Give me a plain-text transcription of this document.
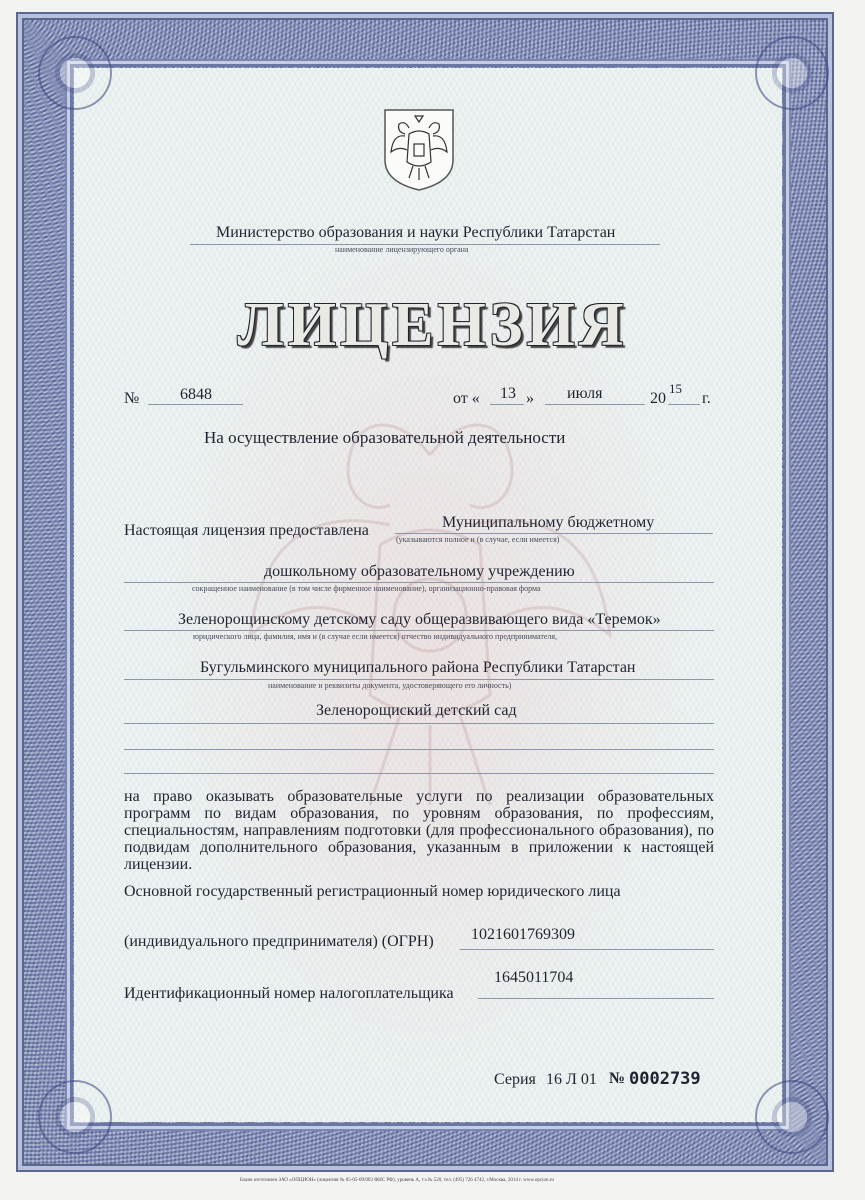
Министерство образования и науки Республики Татарстан
наименование лицензирующего органа
ЛИЦЕНЗИЯ
№	6848	от « 13 » июля	20
15
г.
На осуществление образовательной деятельности
Настоящая лицензия предоставлена	Муниципальному бюджетному
(указываются полное и (в случае, если имеется)
дошкольному образовательному учреждению
сокращенное наименование (в том числе фирменное наименование), организационно-правовая форма
Зеленорощинскому детскому саду общеразвивающего вида «Теремок»
юридического лица, фамилия, имя и (в случае если имеется) отчество индивидуального предпринимателя,
Бугульминского муниципального района Республики Татарстан
наименование и реквизиты документа, удостоверяющего его личность)
Зеленорощиский детский сад
на право оказывать образовательные услуги по реализации образовательных программ по видам образования, по уровням образования, по профессиям, специальностям, направлениям подготовки (для профессионального образования), по подвидам дополнительного образования, указанным в приложении к настоящей лицензии.
Основной государственный регистрационный номер юридического лица
(индивидуального предпринимателя) (ОГРН) 1021601769309
Идентификационный номер налогоплательщика
1645011704
Серия 16 Л 01 № 0002739
Бланк изготовлен ЗАО «ОПЦИОН» (лицензия № 05-05-09/003 ФНС РФ), уровень А, т.з.№ 520, тел. (495) 726 4742, г.Москва, 2014 г. www.opcion.ru
